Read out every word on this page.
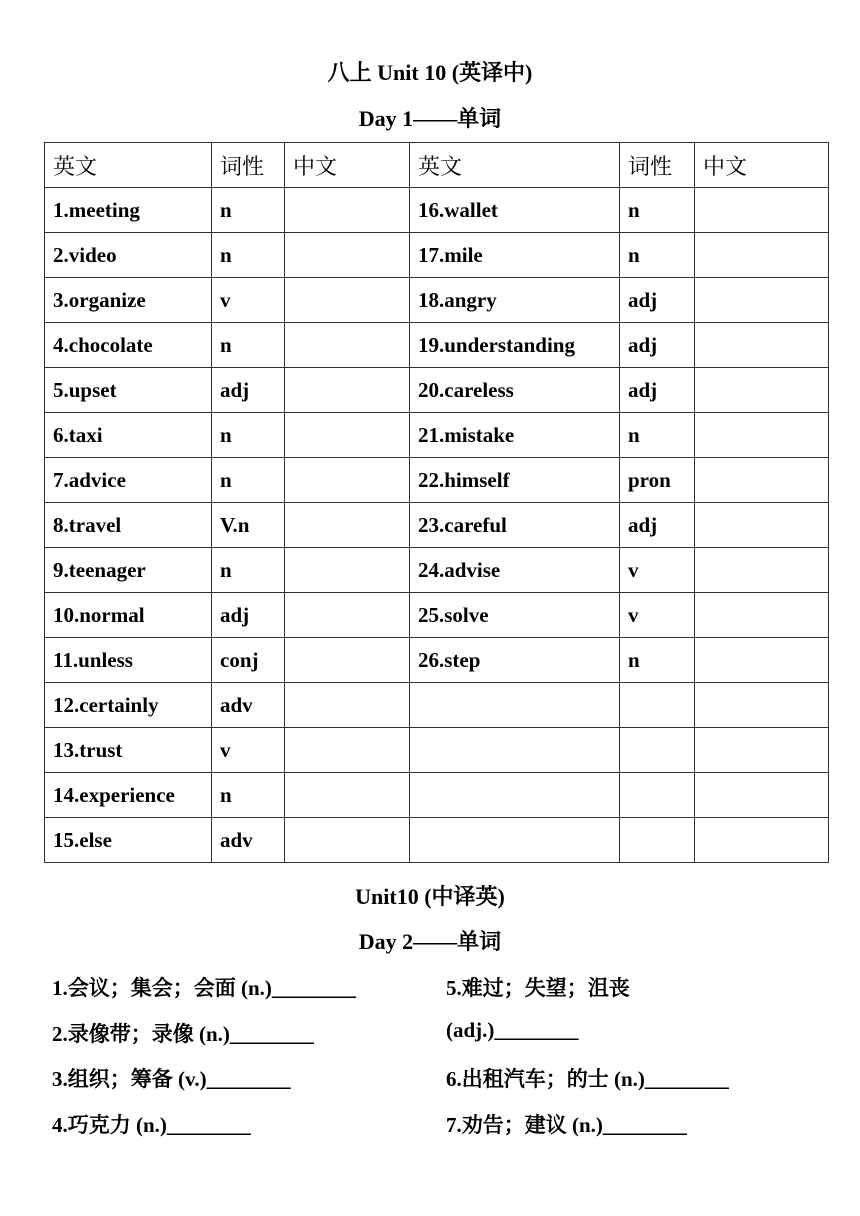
八上 Unit 10 (英译中)
Day 1——单词
英文	词性	中文	英文	词性	中文
1.meeting	n		16.wallet	n	
2.video	n		17.mile	n	
3.organize	v		18.angry	adj	
4.chocolate	n		19.understanding	adj	
5.upset	adj		20.careless	adj	
6.taxi	n		21.mistake	n	
7.advice	n		22.himself	pron	
8.travel	V.n		23.careful	adj	
9.teenager	n		24.advise	v	
10.normal	adj		25.solve	v	
11.unless	conj		26.step	n	
12.certainly	adv				
13.trust	v				
14.experience	n				
15.else	adv				
Unit10 (中译英)
Day 2——单词
1.会议；集会；会面 (n.)________	5.难过；失望；沮丧
2.录像带；录像 (n.)________	(adj.)________
3.组织；筹备 (v.)________	6.出租汽车；的士 (n.)________
4.巧克力 (n.)________	7.劝告；建议 (n.)________
